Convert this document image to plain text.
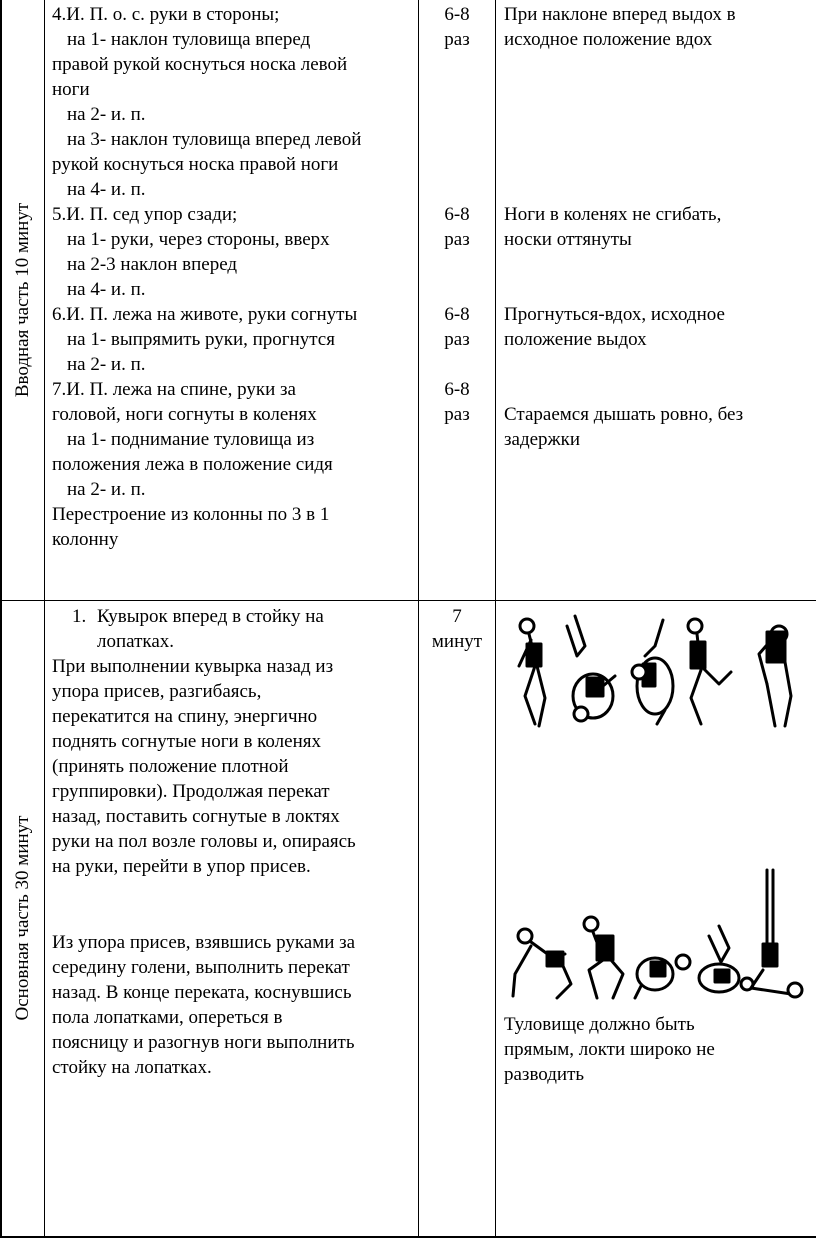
Вводная часть 10 минут
4.И. П. о. с. руки в стороны;
на 1- наклон туловища вперед
правой рукой коснуться носка левой
ноги
на 2- и. п.
на 3- наклон туловища вперед левой
рукой коснуться носка правой ноги
на 4- и. п.
5.И. П. сед упор сзади;
на 1- руки, через стороны, вверх
на 2-3 наклон вперед
на 4- и. п.
6.И. П. лежа на животе, руки согнуты
на 1- выпрямить руки, прогнутся
на 2- и. п.
7.И. П. лежа на спине, руки за
головой, ноги согнуты в коленях
на 1- поднимание туловища из
положения лежа в положение сидя
на 2- и. п.
Перестроение из колонны по 3 в 1
колонну
6-8
раз
6-8
раз
6-8
раз
6-8
раз
При наклоне вперед выдох в
исходное положение вдох
Ноги в коленях не сгибать,
носки оттянуты
Прогнуться-вдох, исходное
положение выдох
Стараемся дышать ровно, без
задержки
Основная часть 30 минут
1. Кувырок вперед в стойку на
лопатках.
При выполнении кувырка назад из
упора присев, разгибаясь,
перекатится на спину, энергично
поднять согнутые ноги в коленях
(принять положение плотной
группировки). Продолжая перекат
назад, поставить согнутые в локтях
руки на пол возле головы и, опираясь
на руки, перейти в упор присев.
Из упора присев, взявшись руками за
середину голени, выполнить перекат
назад. В конце переката, коснувшись
пола лопатками, опереться в
поясницу и разогнув ноги выполнить
стойку на лопатках.
7
минут
Туловище должно быть
прямым, локти широко не
разводить
